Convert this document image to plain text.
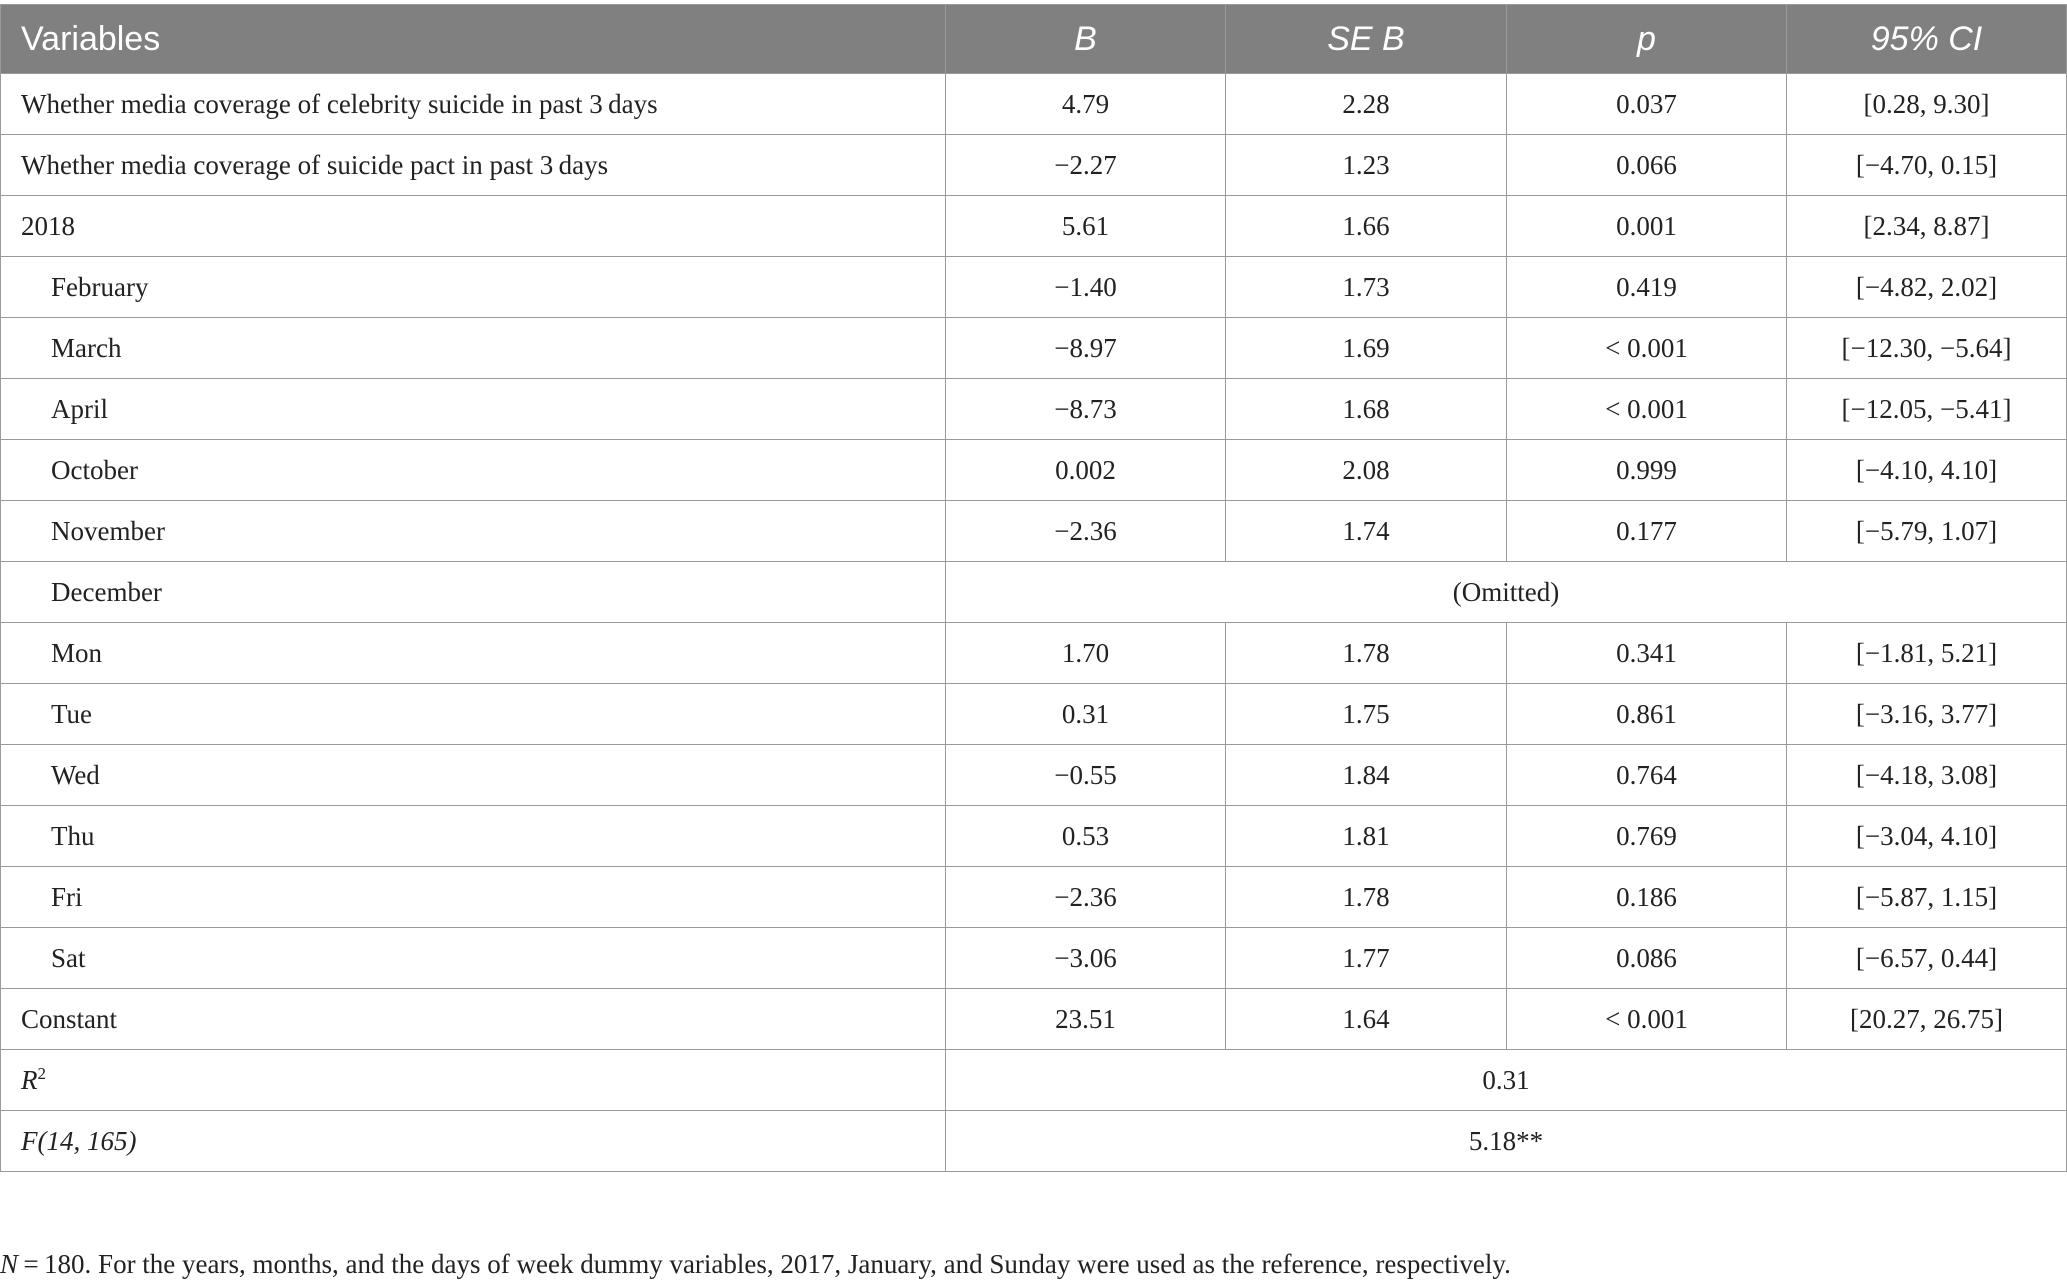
Variables	B	SE B	p	95% CI
Whether media coverage of celebrity suicide in past 3 days	4.79	2.28	0.037	[0.28, 9.30]
Whether media coverage of suicide pact in past 3 days	−2.27	1.23	0.066	[−4.70, 0.15]
2018	5.61	1.66	0.001	[2.34, 8.87]
February	−1.40	1.73	0.419	[−4.82, 2.02]
March	−8.97	1.69	< 0.001	[−12.30, −5.64]
April	−8.73	1.68	< 0.001	[−12.05, −5.41]
October	0.002	2.08	0.999	[−4.10, 4.10]
November	−2.36	1.74	0.177	[−5.79, 1.07]
December	(Omitted)			
Mon	1.70	1.78	0.341	[−1.81, 5.21]
Tue	0.31	1.75	0.861	[−3.16, 3.77]
Wed	−0.55	1.84	0.764	[−4.18, 3.08]
Thu	0.53	1.81	0.769	[−3.04, 4.10]
Fri	−2.36	1.78	0.186	[−5.87, 1.15]
Sat	−3.06	1.77	0.086	[−6.57, 0.44]
Constant	23.51	1.64	< 0.001	[20.27, 26.75]
$R^2$	0.31			
F(14, 165)	5.18**			
N = 180. For the years, months, and the days of week dummy variables, 2017, January, and Sunday were used as the reference, respectively.
